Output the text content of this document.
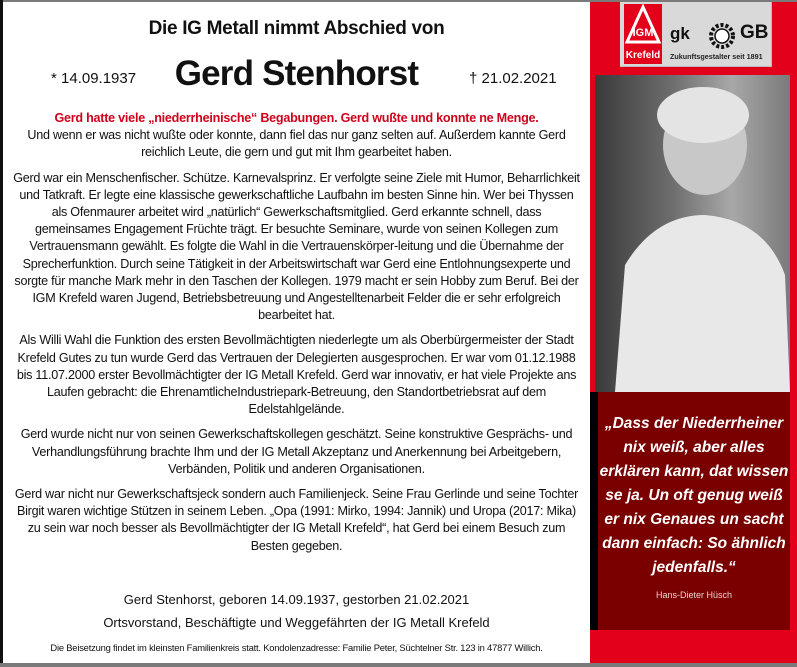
Die IG Metall nimmt Abschied von
* 14.09.1937	Gerd Stenhorst	† 21.02.2021

Gerd hatte viele „niederrheinische“ Begabungen. Gerd wußte und konnte ne Menge.
Und wenn er was nicht wußte oder konnte, dann fiel das nur ganz selten auf. Außerdem kannte Gerd reichlich Leute, die gern und gut mit Ihm gearbeitet haben.

Gerd war ein Menschenfischer. Schütze. Karnevalsprinz. Er verfolgte seine Ziele mit Humor, Beharrlichkeit und Tatkraft. Er legte eine klassische gewerkschaftliche Laufbahn im besten Sinne hin. Wer bei Thyssen als Ofenmaurer arbeitet wird „natürlich“ Gewerkschaftsmitglied. Gerd erkannte schnell, dass gemeinsames Engagement Früchte trägt. Er besuchte Seminare, wurde von seinen Kollegen zum Vertrauensmann gewählt. Es folgte die Wahl in die Vertrauenskörper-leitung und die Übernahme der Sprecherfunktion. Durch seine Tätigkeit in der Arbeitswirtschaft war Gerd eine Entlohnungsexperte und sorgte für manche Mark mehr in den Taschen der Kollegen. 1979 macht er sein Hobby zum Beruf. Bei der IGM Krefeld waren Jugend, Betriebsbetreuung und Angestelltenarbeit Felder die er sehr erfolgreich bearbeitet hat.

Als Willi Wahl die Funktion des ersten Bevollmächtigten niederlegte um als Oberbürgermeister der Stadt Krefeld Gutes zu tun wurde Gerd das Vertrauen der Delegierten ausgesprochen. Er war vom 01.12.1988 bis 11.07.2000 erster Bevollmächtigter der IG Metall Krefeld. Gerd war innovativ, er hat viele Projekte ans Laufen gebracht: die EhrenamtlicheIndustriepark-Betreuung, den Standortbetriebsrat auf dem Edelstahlgelände.

Gerd wurde nicht nur von seinen Gewerkschaftskollegen geschätzt. Seine konstruktive Gesprächs- und Verhandlungsführung brachte Ihm und der IG Metall Akzeptanz und Anerkennung bei Arbeitgebern, Verbänden, Politik und anderen Organisationen.

Gerd war nicht nur Gewerkschaftsjeck sondern auch Familienjeck. Seine Frau Gerlinde und seine Tochter Birgit waren wichtige Stützen in seinem Leben. „Opa (1991: Mirko, 1994: Jannik) und Uropa (2017: Mika) zu sein war noch besser als Bevollmächtigter der IG Metall Krefeld“, hat Gerd bei einem Besuch zum Besten gegeben.

Gerd Stenhorst, geboren 14.09.1937, gestorben 21.02.2021
Ortsvorstand, Beschäftigte und Weggefährten der IG Metall Krefeld
Die Beisetzung findet im kleinsten Familienkreis statt. Kondolenzadresse: Familie Peter, Süchtelner Str. 123 in 47877 Willich.
IGM
Krefeld
gk	GB
Zukunftsgestalter seit 1891
„Dass der Niederrheiner nix weiß, aber alles erklären kann, dat wissen se ja. Un oft genug weiß er nix Genaues un sacht dann einfach: So ähnlich jedenfalls.“
Hans-Dieter Hüsch
